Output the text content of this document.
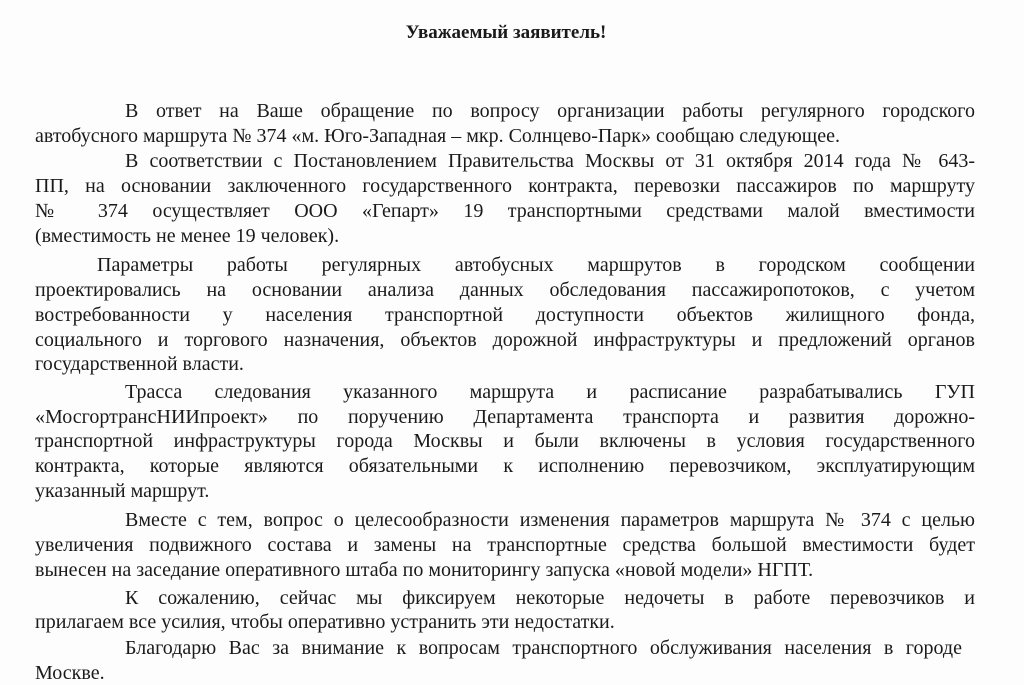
Уважаемый заявитель!
В ответ на Ваше обращение по вопросу организации работы регулярного городского
автобусного маршрута № 374 «м. Юго-Западная – мкр. Солнцево-Парк» сообщаю следующее.
В соответствии с Постановлением Правительства Москвы от 31 октября 2014 года № 643-
ПП, на основании заключенного государственного контракта, перевозки пассажиров по маршруту
№ 374 осуществляет ООО «Гепарт» 19 транспортными средствами малой вместимости
(вместимость не менее 19 человек).
Параметры работы регулярных автобусных маршрутов в городском сообщении
проектировались на основании анализа данных обследования пассажиропотоков, с учетом
востребованности у населения транспортной доступности объектов жилищного фонда,
социального и торгового назначения, объектов дорожной инфраструктуры и предложений органов
государственной власти.
Трасса следования указанного маршрута и расписание разрабатывались ГУП
«МосгортрансНИИпроект» по поручению Департамента транспорта и развития дорожно-
транспортной инфраструктуры города Москвы и были включены в условия государственного
контракта, которые являются обязательными к исполнению перевозчиком, эксплуатирующим
указанный маршрут.
Вместе с тем, вопрос о целесообразности изменения параметров маршрута № 374 с целью
увеличения подвижного состава и замены на транспортные средства большой вместимости будет
вынесен на заседание оперативного штаба по мониторингу запуска «новой модели» НГПТ.
К сожалению, сейчас мы фиксируем некоторые недочеты в работе перевозчиков и
прилагаем все усилия, чтобы оперативно устранить эти недостатки.
Благодарю Вас за внимание к вопросам транспортного обслуживания населения в городе
Москве.
